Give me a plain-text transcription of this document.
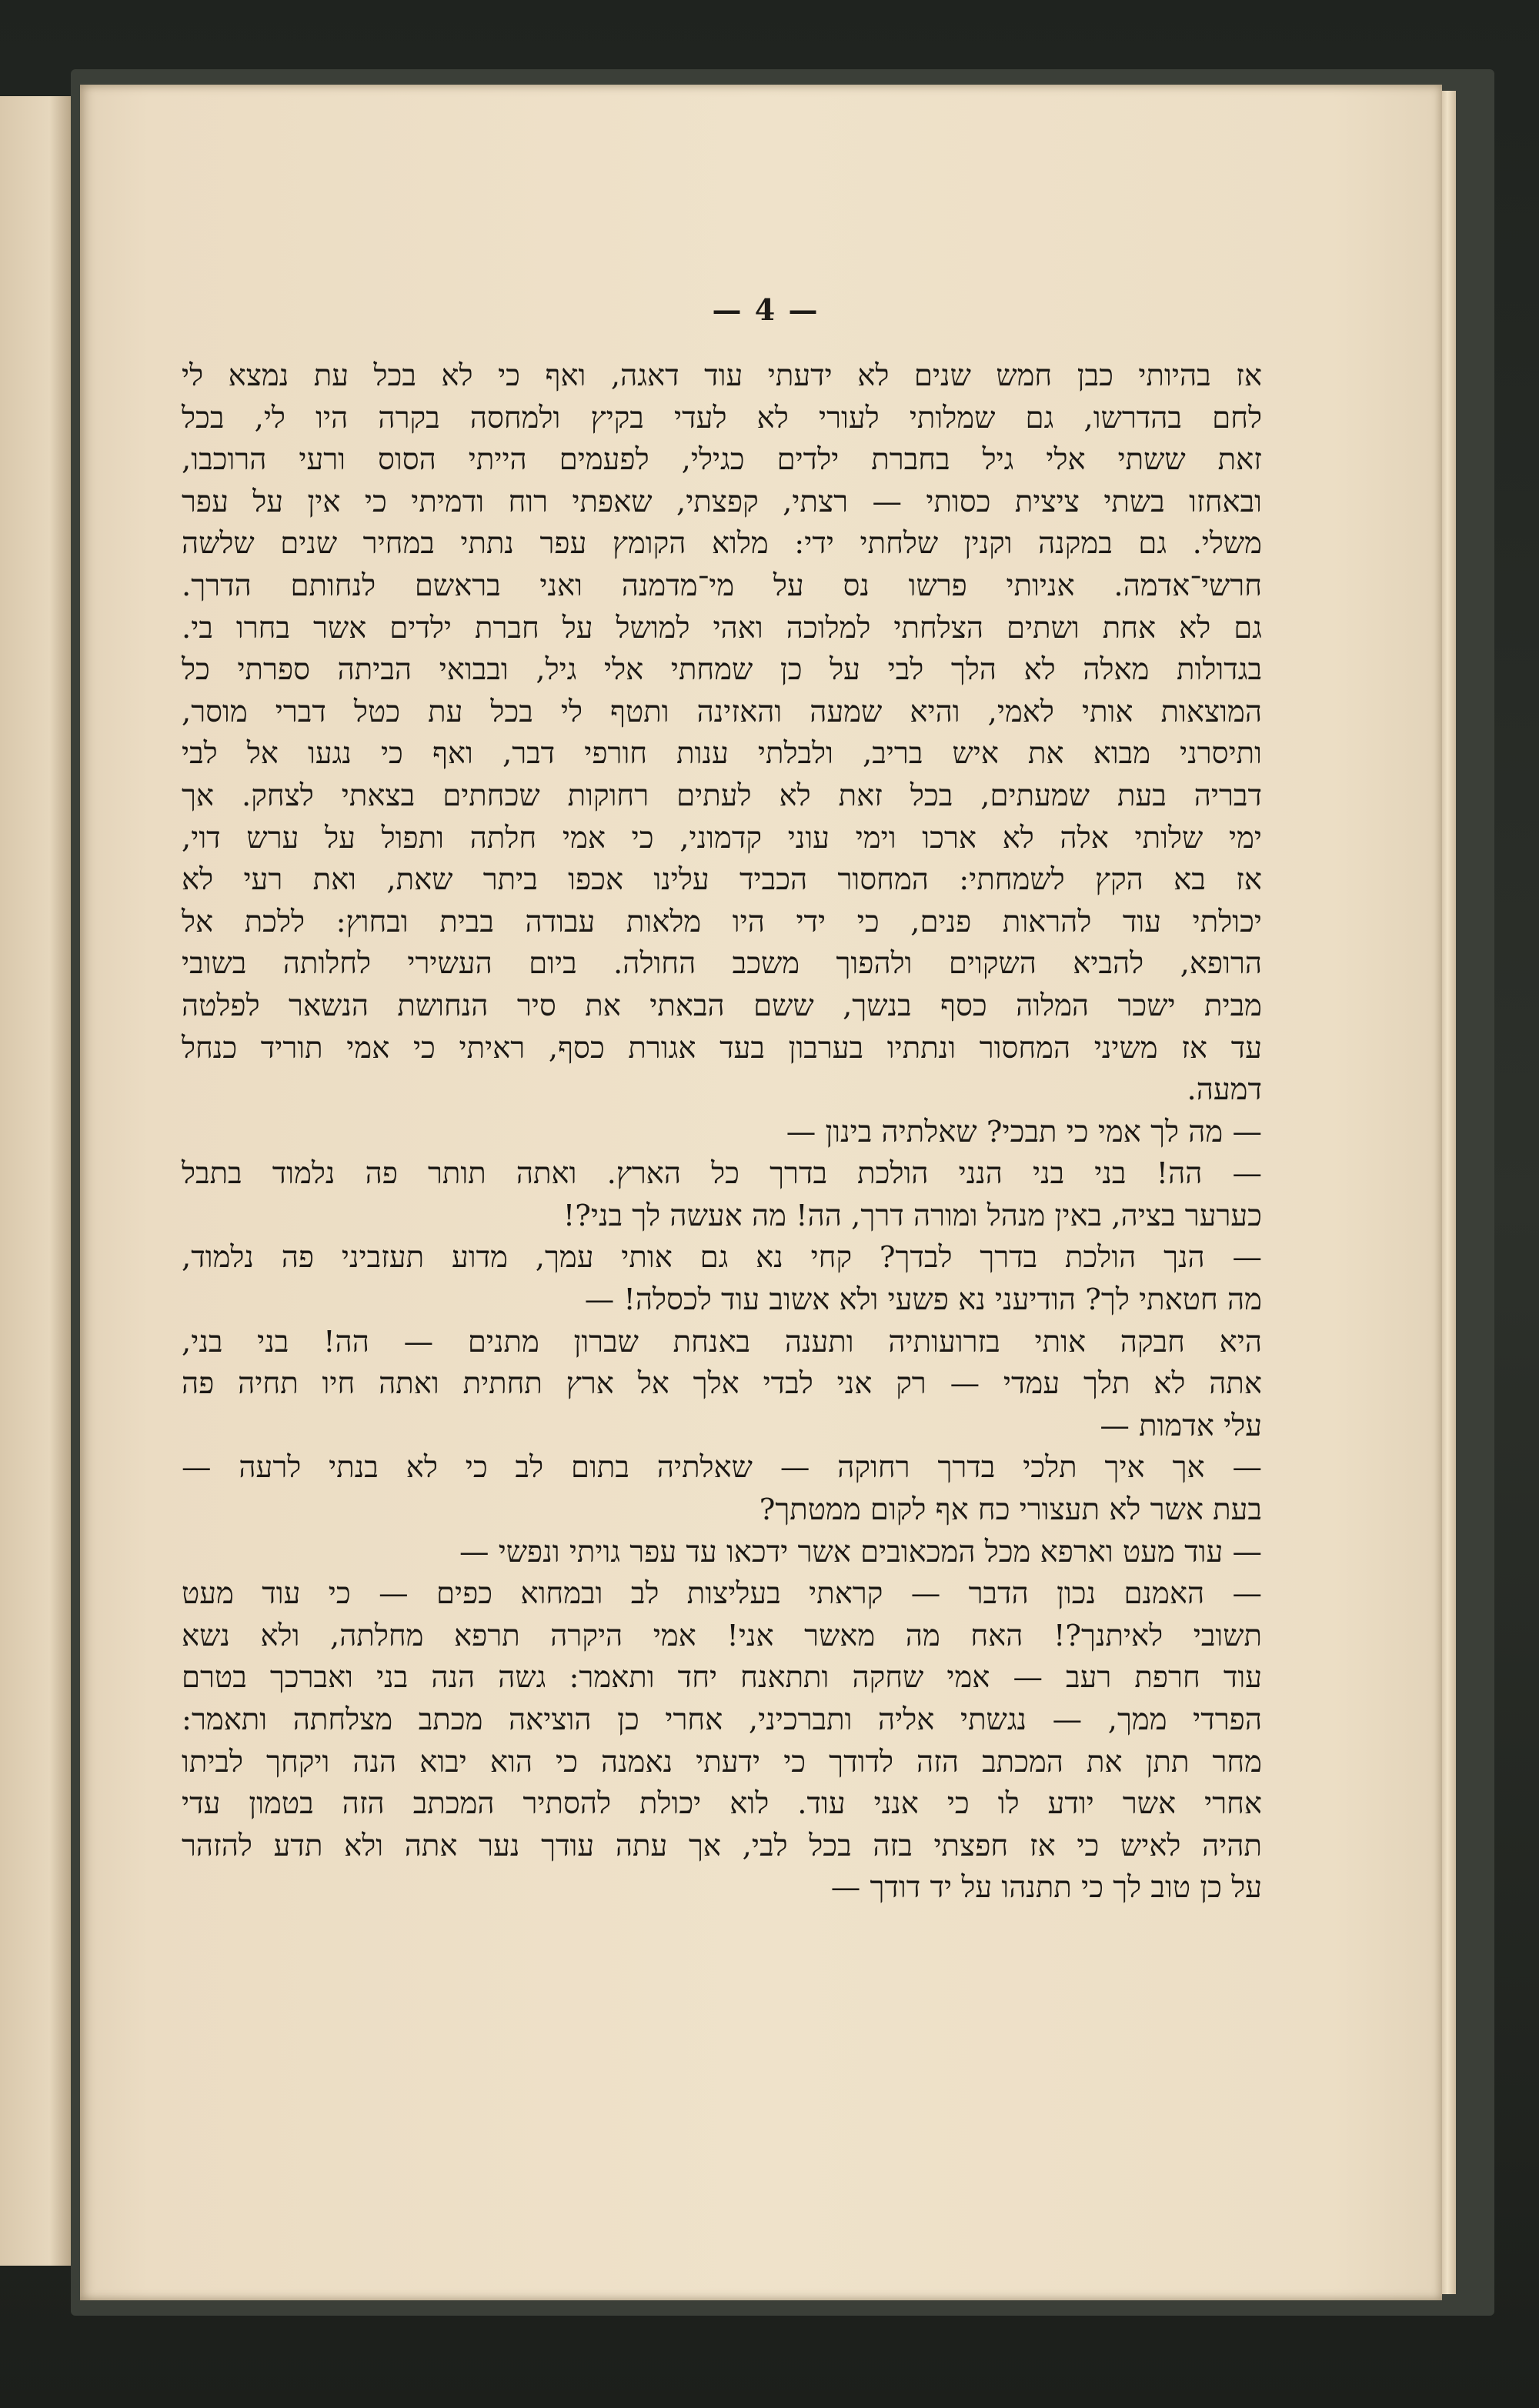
— 4 —
אז בהיותי כבן חמש שנים לא ידעתי עוד דאגה, ואף כי לא בכל עת נמצא לי
לחם בהדרשו, גם שמלותי לעורי לא לעדי בקיץ ולמחסה בקרה היו לי, בכל
זאת ששתי אלי גיל בחברת ילדים כגילי, לפעמים הייתי הסוס ורעי הרוכבו,
ובאחזו בשתי ציצית כסותי — רצתי, קפצתי, שאפתי רוח ודמיתי כי אין על עפר
משלי. גם במקנה וקנין שלחתי ידי: מלוא הקומץ עפר נתתי במחיר שנים שלשה
חרשי־אדמה. אניותי פרשו נס על מי־מדמנה ואני בראשם לנחותם הדרך.
גם לא אחת ושתים הצלחתי למלוכה ואהי למושל על חברת ילדים אשר בחרו בי.
בגדולות מאלה לא הלך לבי על כן שמחתי אלי גיל, ובבואי הביתה ספרתי כל
המוצאות אותי לאמי, והיא שמעה והאזינה ותטף לי בכל עת כטל דברי מוסר,
ותיסרני מבוא את איש בריב, ולבלתי ענות חורפי דבר, ואף כי נגעו אל לבי
דבריה בעת שמעתים, בכל זאת לא לעתים רחוקות שכחתים בצאתי לצחק. אך
ימי שלותי אלה לא ארכו וימי עוני קדמוני, כי אמי חלתה ותפול על ערש דוי,
אז בא הקץ לשמחתי: המחסור הכביד עלינו אכפו ביתר שאת, ואת רעי לא
יכולתי עוד להראות פנים, כי ידי היו מלאות עבודה בבית ובחוץ: ללכת אל
הרופא, להביא השקוים ולהפוך משכב החולה. ביום העשירי לחלותה בשובי
מבית ישכר המלוה כסף בנשך, ששם הבאתי את סיר הנחושת הנשאר לפלטה
עד אז משיני המחסור ונתתיו בערבון בעד אגורת כסף, ראיתי כי אמי תוריד כנחל
דמעה.
— מה לך אמי כי תבכי? שאלתיה בינון —
— הה! בני בני הנני הולכת בדרך כל הארץ. ואתה תותר פה נלמוד בתבל
כערער בציה, באין מנהל ומורה דרך, הה! מה אעשה לך בני?!
— הנך הולכת בדרך לבדך? קחי נא גם אותי עמך, מדוע תעזביני פה נלמוד,
מה חטאתי לך? הודיעני נא פשעי ולא אשוב עוד לכסלה! —
היא חבקה אותי בזרועותיה ותענה באנחת שברון מתנים — הה! בני בני,
אתה לא תלך עמדי — רק אני לבדי אלך אל ארץ תחתית ואתה חיו תחיה פה
עלי אדמות —
— אך איך תלכי בדרך רחוקה — שאלתיה בתום לב כי לא בנתי לרעה —
בעת אשר לא תעצורי כח אף לקום ממטתך?
— עוד מעט וארפא מכל המכאובים אשר ידכאו עד עפר גויתי ונפשי —
— האמנם נכון הדבר — קראתי בעליצות לב ובמחוא כפים — כי עוד מעט
תשובי לאיתנך?! האח מה מאשר אני! אמי היקרה תרפא מחלתה, ולא נשא
עוד חרפת רעב — אמי שחקה ותתאנח יחד ותאמר: גשה הנה בני ואברכך בטרם
הפרדי ממך, — נגשתי אליה ותברכיני, אחרי כן הוציאה מכתב מצלחתה ותאמר:
מחר תתן את המכתב הזה לדודך כי ידעתי נאמנה כי הוא יבוא הנה ויקחך לביתו
אחרי אשר יודע לו כי אנני עוד. לוא יכולת להסתיר המכתב הזה בטמון עדי
תהיה לאיש כי אז חפצתי בזה בכל לבי, אך עתה עודך נער אתה ולא תדע להזהר
על כן טוב לך כי תתנהו על יד דודך —
